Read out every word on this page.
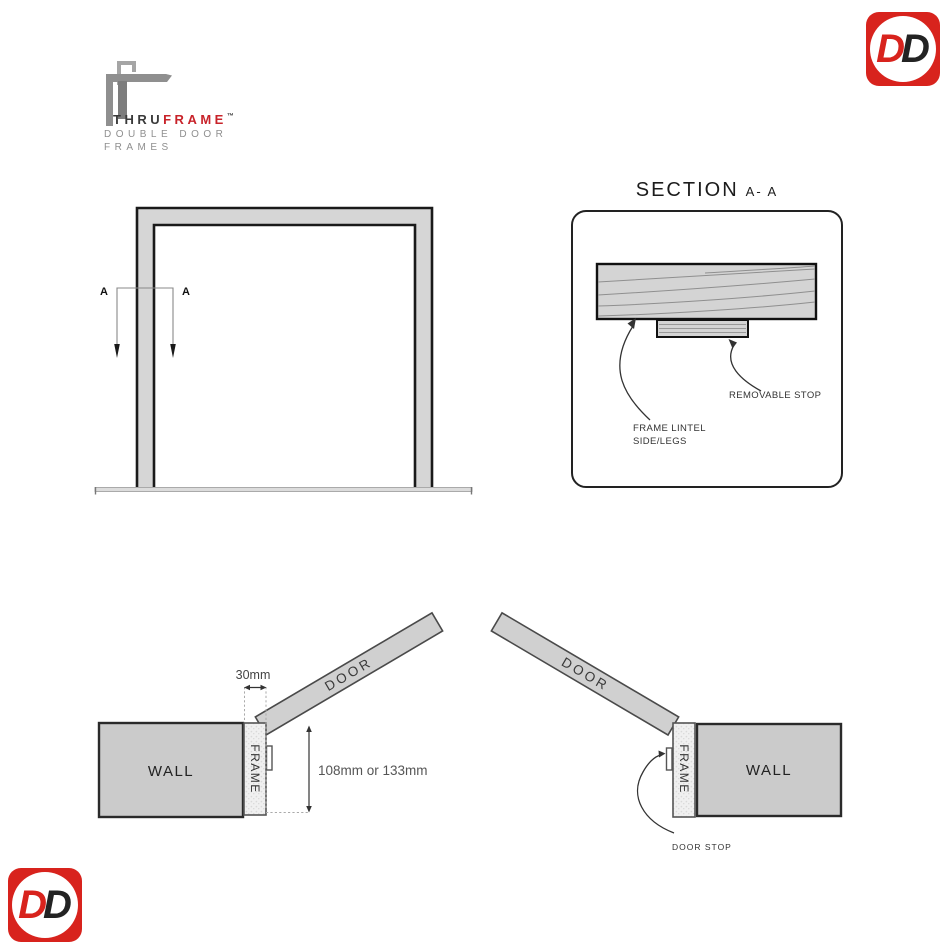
THRUFRAME™
DOUBLE DOOR
FRAMES
DD
DD
A	A
SECTION A- A
REMOVABLE STOP
FRAME LINTEL
SIDE/LEGS
DOOR
WALL	FRAME
30mm
108mm or 133mm
DOOR
WALL
FRAME
DOOR STOP
